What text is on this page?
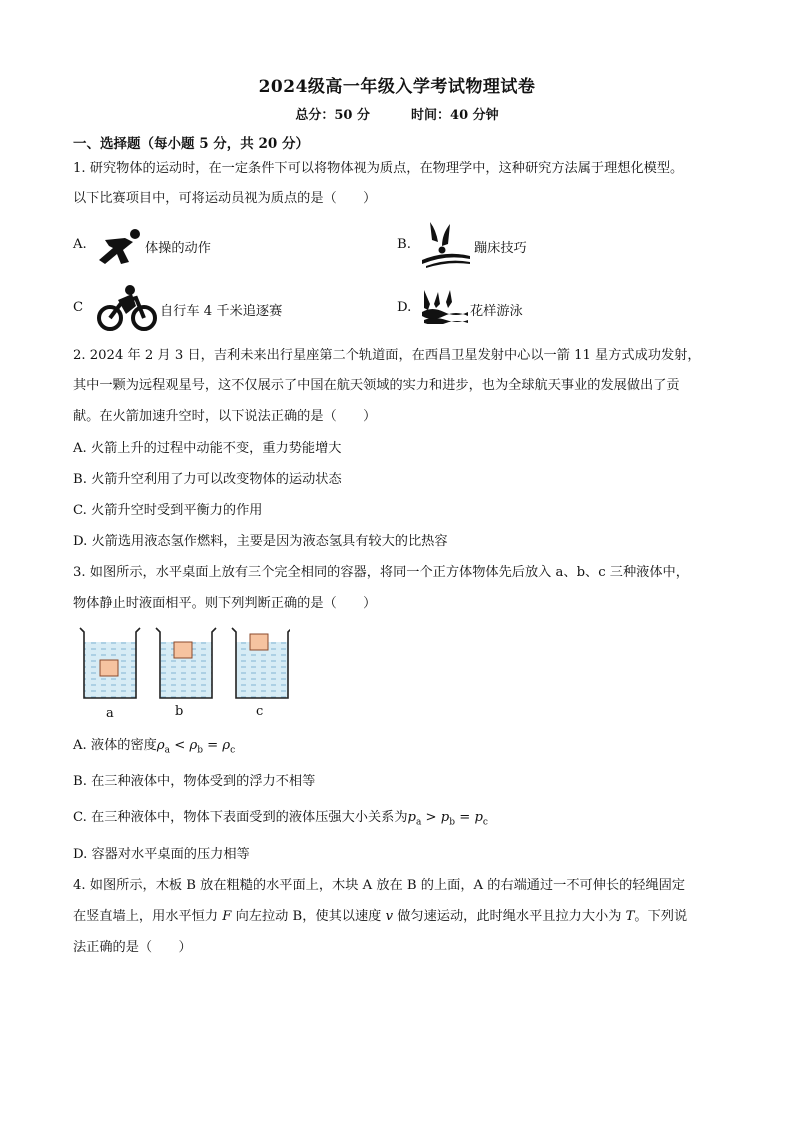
2024级高一年级入学考试物理试卷
总分：50 分	时间：40 分钟
一、选择题（每小题 5 分，共 20 分）
1. 研究物体的运动时，在一定条件下可以将物体视为质点，在物理学中，这种研究方法属于理想化模型。
以下比赛项目中，可将运动员视为质点的是（　　）
A.	体操的动作	B.	蹦床技巧
C	自行车 4 千米追逐赛	D.	花样游泳
2. 2024 年 2 月 3 日，吉利未来出行星座第二个轨道面，在西昌卫星发射中心以一箭 11 星方式成功发射，
其中一颗为远程观星号，这不仅展示了中国在航天领域的实力和进步，也为全球航天事业的发展做出了贡
献。在火箭加速升空时，以下说法正确的是（　　）
A. 火箭上升的过程中动能不变，重力势能增大
B. 火箭升空利用了力可以改变物体的运动状态
C. 火箭升空时受到平衡力的作用
D. 火箭选用液态氢作燃料，主要是因为液态氢具有较大的比热容
3. 如图所示，水平桌面上放有三个完全相同的容器，将同一个正方体物体先后放入 a、b、c 三种液体中，
物体静止时液面相平。则下列判断正确的是（　　）
a	b	c
A. 液体的密度$\rho_a < \rho_b = \rho_c$
B. 在三种液体中，物体受到的浮力不相等
C. 在三种液体中，物体下表面受到的液体压强大小关系为$p_a > p_b = p_c$
D. 容器对水平桌面的压力相等
4. 如图所示，木板 B 放在粗糙的水平面上，木块 A 放在 B 的上面，A 的右端通过一不可伸长的轻绳固定
在竖直墙上，用水平恒力 F 向左拉动 B，使其以速度 v 做匀速运动，此时绳水平且拉力大小为 T。下列说
法正确的是（　　）
